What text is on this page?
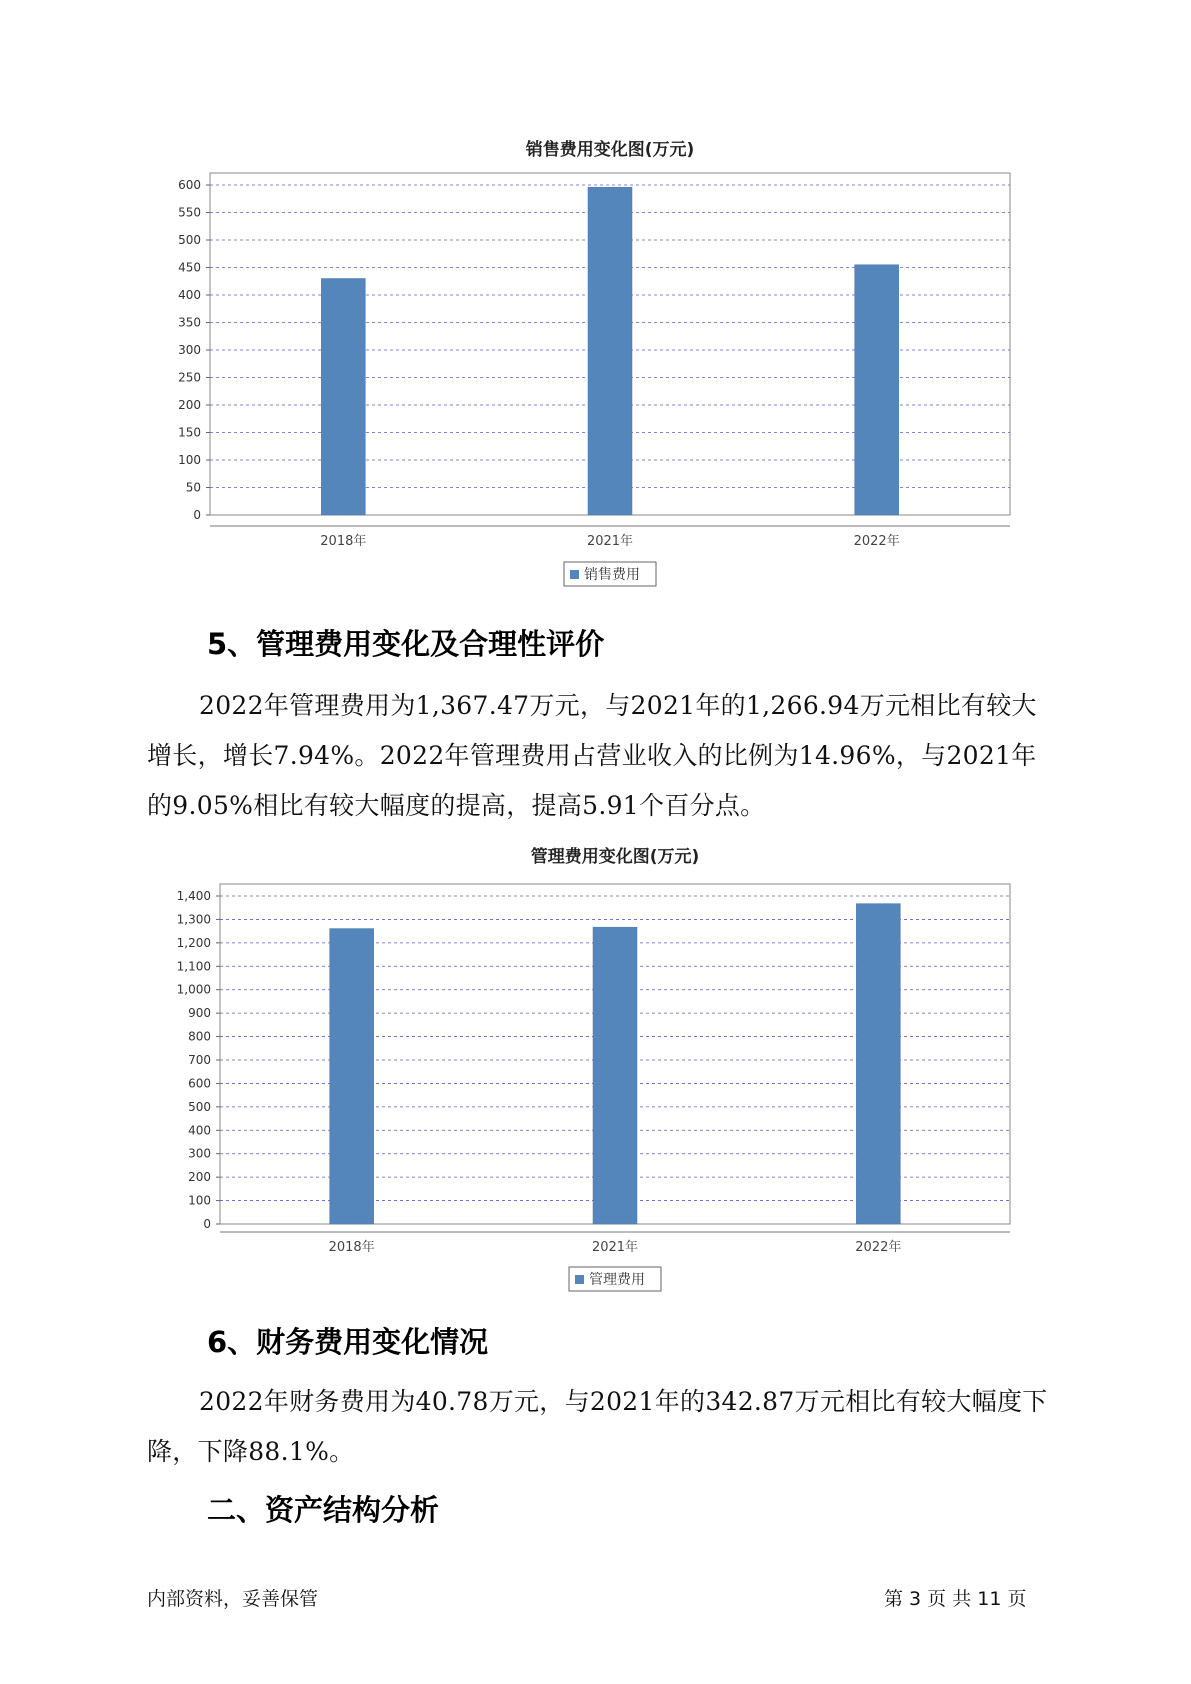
销售费用变化图(万元)
0
50
100
150
200
250
300
350
400
450
500
550
600
2018年	2021年	2022年
销售费用
5、管理费用变化及合理性评价

2022年管理费用为1,367.47万元，与2021年的1,266.94万元相比有较大增长，增长7.94%。2022年管理费用占营业收入的比例为14.96%，与2021年的9.05%相比有较大幅度的提高，提高5.91个百分点。

管理费用变化图(万元)
0
100
200
300
400
500
600
700
800
900
1,000
1,100
1,200
1,300
1,400
2018年	2021年	2022年
管理费用
6、财务费用变化情况

2022年财务费用为40.78万元，与2021年的342.87万元相比有较大幅度下降，下降88.1%。

二、资产结构分析
内部资料，妥善保管	第 3 页 共 11 页
